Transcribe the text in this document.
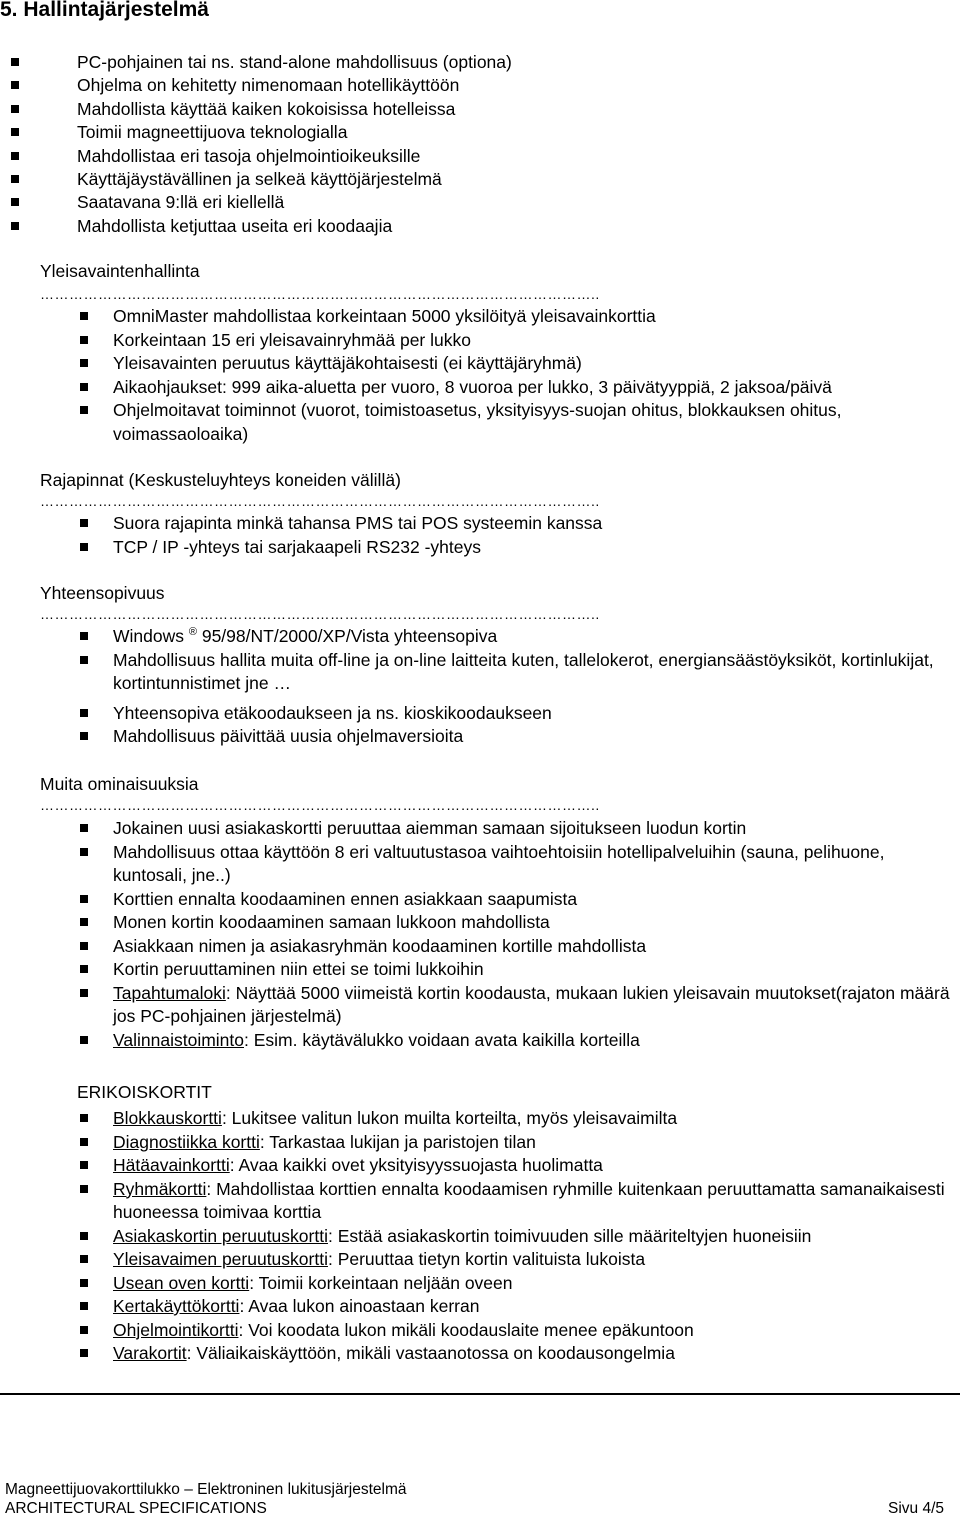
5. Hallintajärjestelmä
PC-pohjainen tai ns. stand-alone mahdollisuus (optiona)
Ohjelma on kehitetty nimenomaan hotellikäyttöön
Mahdollista käyttää kaiken kokoisissa hotelleissa
Toimii magneettijuova teknologialla
Mahdollistaa eri tasoja ohjelmointioikeuksille
Käyttäjäystävällinen ja selkeä käyttöjärjestelmä
Saatavana 9:llä eri kiellellä
Mahdollista ketjuttaa useita eri koodaajia
Yleisavaintenhallinta
……………………………………………………………………………………………………..
OmniMaster mahdollistaa korkeintaan 5000 yksilöityä yleisavainkorttia
Korkeintaan 15 eri yleisavainryhmää per lukko
Yleisavainten peruutus käyttäjäkohtaisesti (ei käyttäjäryhmä)
Aikaohjaukset: 999 aika-aluetta per vuoro, 8 vuoroa per lukko, 3 päivätyyppiä, 2 jaksoa/päivä
Ohjelmoitavat toiminnot (vuorot, toimistoasetus, yksityisyys-suojan ohitus, blokkauksen ohitus, voimassaoloaika)
Rajapinnat (Keskusteluyhteys koneiden välillä)
……………………………………………………………………………………………………..
Suora rajapinta minkä tahansa PMS tai POS systeemin kanssa
TCP / IP -yhteys tai sarjakaapeli RS232 -yhteys
Yhteensopivuus
……………………………………………………………………………………………………..
Windows ® 95/98/NT/2000/XP/Vista yhteensopiva
Mahdollisuus hallita muita off-line ja on-line laitteita kuten, tallelokerot, energiansäästöyksiköt, kortinlukijat, kortintunnistimet jne …
Yhteensopiva etäkoodaukseen ja ns. kioskikoodaukseen
Mahdollisuus päivittää uusia ohjelmaversioita
Muita ominaisuuksia
……………………………………………………………………………………………………..
Jokainen uusi asiakaskortti peruuttaa aiemman samaan sijoitukseen luodun kortin
Mahdollisuus ottaa käyttöön 8 eri valtuutustasoa vaihtoehtoisiin hotellipalveluihin (sauna, pelihuone, kuntosali, jne..)
Korttien ennalta koodaaminen ennen asiakkaan saapumista
Monen kortin koodaaminen samaan lukkoon mahdollista
Asiakkaan nimen ja asiakasryhmän koodaaminen kortille mahdollista
Kortin peruuttaminen niin ettei se toimi lukkoihin
Tapahtumaloki: Näyttää 5000 viimeistä kortin koodausta, mukaan lukien yleisavain muutokset(rajaton määrä jos PC-pohjainen järjestelmä)
Valinnaistoiminto: Esim. käytävälukko voidaan avata kaikilla korteilla
ERIKOISKORTIT
Blokkauskortti: Lukitsee valitun lukon muilta korteilta, myös yleisavaimilta
Diagnostiikka kortti: Tarkastaa lukijan ja paristojen tilan
Hätäavainkortti: Avaa kaikki ovet yksityisyyssuojasta huolimatta
Ryhmäkortti: Mahdollistaa korttien ennalta koodaamisen ryhmille kuitenkaan peruuttamatta samanaikaisesti huoneessa toimivaa korttia
Asiakaskortin peruutuskortti: Estää asiakaskortin toimivuuden sille määriteltyjen huoneisiin
Yleisavaimen peruutuskortti: Peruuttaa tietyn kortin valituista lukoista
Usean oven kortti: Toimii korkeintaan neljään oveen
Kertakäyttökortti: Avaa lukon ainoastaan kerran
Ohjelmointikortti: Voi koodata lukon mikäli koodauslaite menee epäkuntoon
Varakortit: Väliaikaiskäyttöön, mikäli vastaanotossa on koodausongelmia
Magneettijuovakorttilukko – Elektroninen lukitusjärjestelmä
ARCHITECTURAL SPECIFICATIONS	Sivu 4/5
